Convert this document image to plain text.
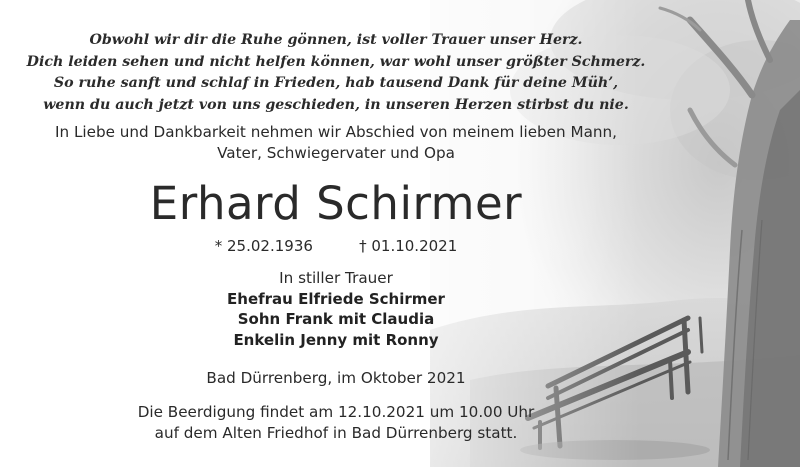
Obwohl wir dir die Ruhe gönnen, ist voller Trauer unser Herz.
Dich leiden sehen und nicht helfen können, war wohl unser größter Schmerz.
So ruhe sanft und schlaf in Frieden, hab tausend Dank für deine Müh’,
wenn du auch jetzt von uns geschieden, in unseren Herzen stirbst du nie.
In Liebe und Dankbarkeit nehmen wir Abschied von meinem lieben Mann,
Vater, Schwiegervater und Opa
Erhard Schirmer
* 25.02.1936	† 01.10.2021
In stiller Trauer
Ehefrau Elfriede Schirmer
Sohn Frank mit Claudia
Enkelin Jenny mit Ronny
Bad Dürrenberg, im Oktober 2021
Die Beerdigung findet am 12.10.2021 um 10.00 Uhr
auf dem Alten Friedhof in Bad Dürrenberg statt.
